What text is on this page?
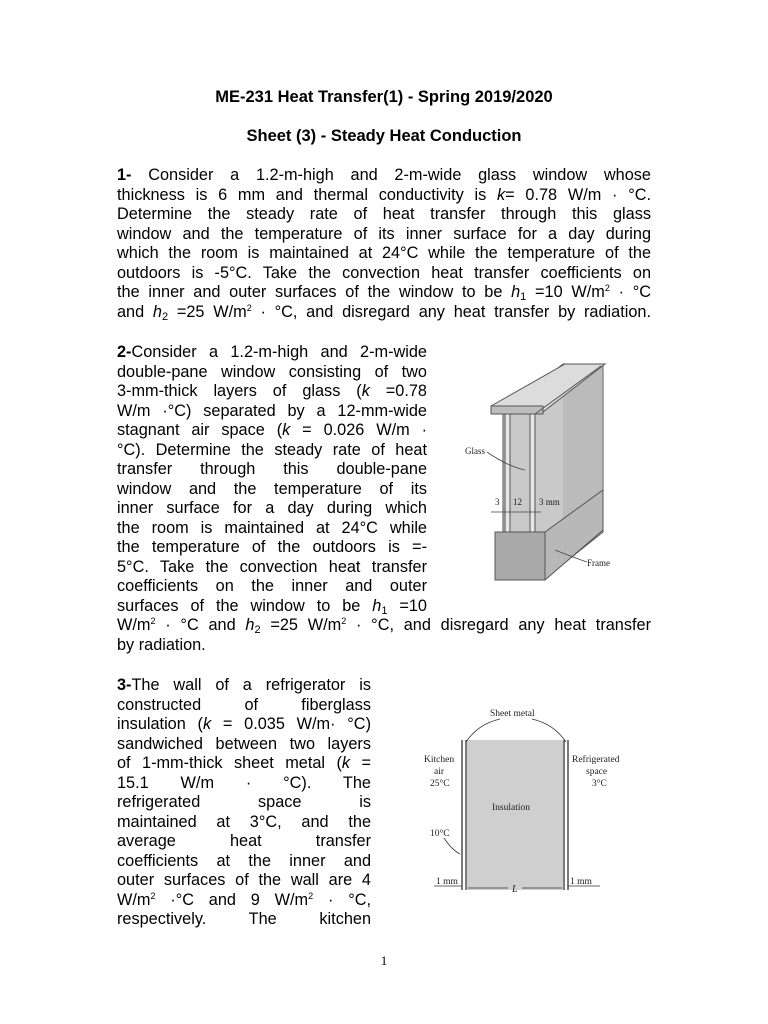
ME-231 Heat Transfer(1) - Spring 2019/2020
Sheet (3) - Steady Heat Conduction
1- Consider a 1.2-m-high and 2-m-wide glass window whose
thickness is 6 mm and thermal conductivity is k= 0.78 W/m · °C.
Determine the steady rate of heat transfer through this glass
window and the temperature of its inner surface for a day during
which the room is maintained at 24°C while the temperature of the
outdoors is -5°C. Take the convection heat transfer coefficients on
the inner and outer surfaces of the window to be $h_1 =10$ $W/m^2 \cdot ^\circ C$
and $h_2 =25$ $W/m^2 \cdot ^\circ C$, and disregard any heat transfer by radiation.
2-Consider a 1.2-m-high and 2-m-wide
double-pane window consisting of two
3-mm-thick layers of glass (k =0.78
W/m ·°C) separated by a 12-mm-wide
stagnant air space (k = 0.026 W/m ·
°C). Determine the steady rate of heat
transfer through this double-pane
window and the temperature of its
inner surface for a day during which
the room is maintained at 24°C while
the temperature of the outdoors is =-
5°C. Take the convection heat transfer
coefficients on the inner and outer
surfaces of the window to be $h_1 =10$
$W/m^2 \cdot ^\circ C$ and $h_2 =25$ $W/m^2 \cdot ^\circ C$, and disregard any heat transfer
by radiation.
Glass
3 12 3 mm
Frame
3-The wall of a refrigerator is
constructed of fiberglass
insulation (k = 0.035 W/m· °C)
sandwiched between two layers
of 1-mm-thick sheet metal (k =
15.1 W/m · °C). The
refrigerated space is
maintained at 3°C, and the
average heat transfer
coefficients at the inner and
outer surfaces of the wall are 4
$W/m^2 \cdot^\circ C$ and 9 $W/m^2 \cdot ^\circ C$,
respectively. The kitchen
Sheet metal
Kitchen
air
25°C
Refrigerated
space
3°C
Insulation
10°C
1 mm
L
1 mm
1
